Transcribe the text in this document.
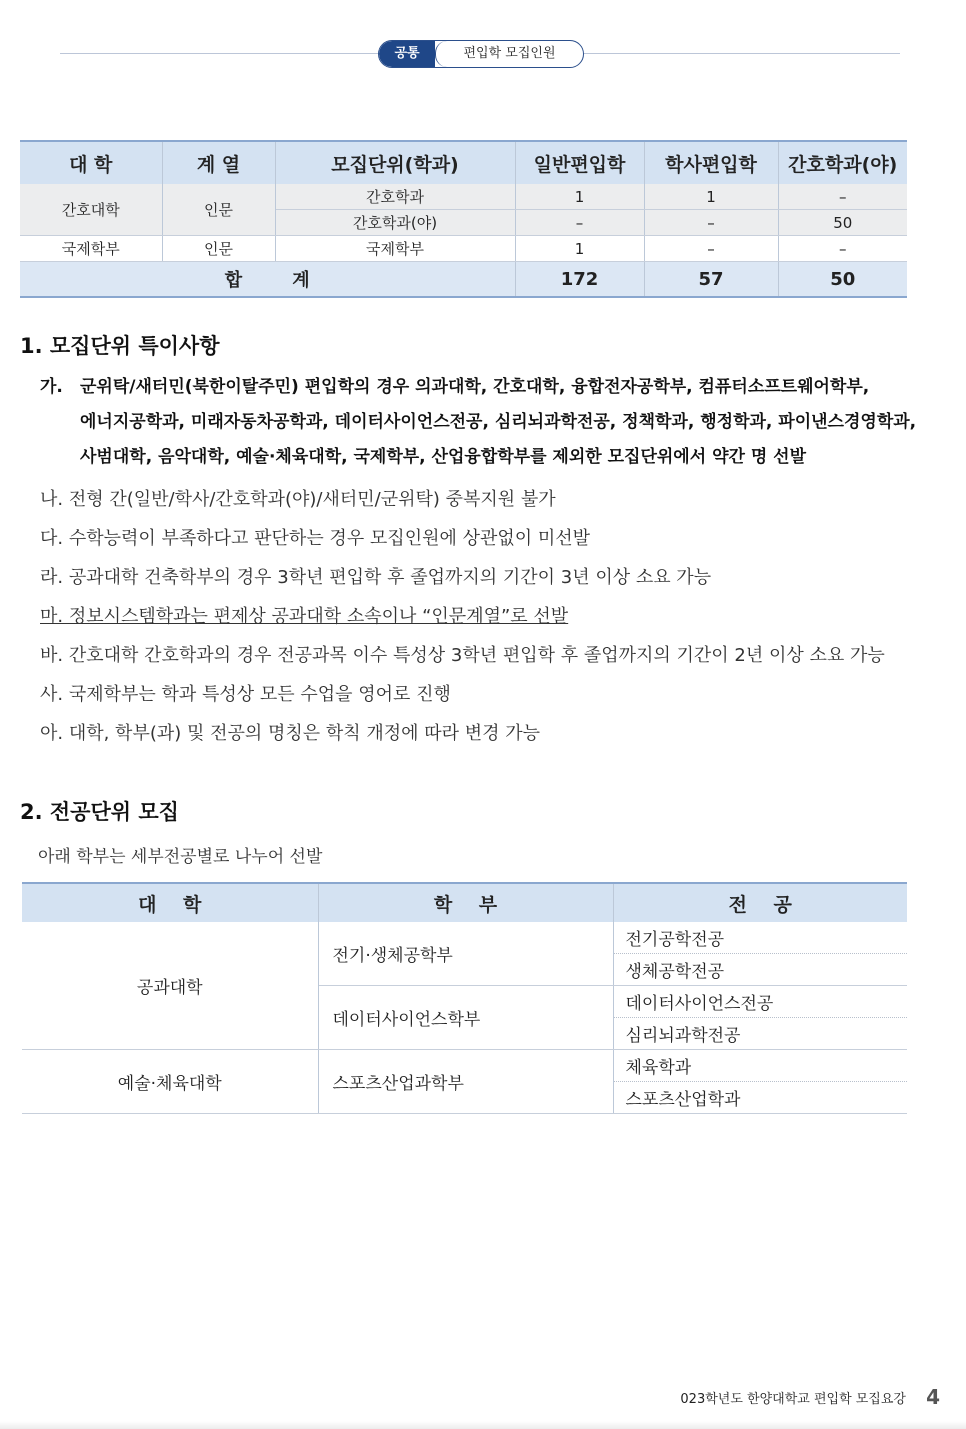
공통	편입학 모집인원
대 학	계 열	모집단위(학과)	일반편입학	학사편입학	간호학과(야)
간호대학	인문	간호학과	1	1	–
		간호학과(야)	–	–	50
국제학부	인문	국제학부	1	–	–
합        계			172	57	50
1. 모집단위 특이사항
가. 군위탁/새터민(북한이탈주민) 편입학의 경우 의과대학, 간호대학, 융합전자공학부, 컴퓨터소프트웨어학부,
에너지공학과, 미래자동차공학과, 데이터사이언스전공, 심리뇌과학전공, 정책학과, 행정학과, 파이낸스경영학과,
사범대학, 음악대학, 예술·체육대학, 국제학부, 산업융합학부를 제외한 모집단위에서 약간 명 선발
나. 전형 간(일반/학사/간호학과(야)/새터민/군위탁) 중복지원 불가
다. 수학능력이 부족하다고 판단하는 경우 모집인원에 상관없이 미선발
라. 공과대학 건축학부의 경우 3학년 편입학 후 졸업까지의 기간이 3년 이상 소요 가능
마. 정보시스템학과는 편제상 공과대학 소속이나 “인문계열”로 선발
바. 간호대학 간호학과의 경우 전공과목 이수 특성상 3학년 편입학 후 졸업까지의 기간이 2년 이상 소요 가능
사. 국제학부는 학과 특성상 모든 수업을 영어로 진행
아. 대학, 학부(과) 및 전공의 명칭은 학칙 개정에 따라 변경 가능
2. 전공단위 모집
아래 학부는 세부전공별로 나누어 선발
대    학	학    부	전    공
공과대학	전기·생체공학부	전기공학전공
		생체공학전공
	데이터사이언스학부	데이터사이언스전공
		심리뇌과학전공
예술·체육대학	스포츠산업과학부	체육학과
		스포츠산업학과
023학년도 한양대학교 편입학 모집요강 4
